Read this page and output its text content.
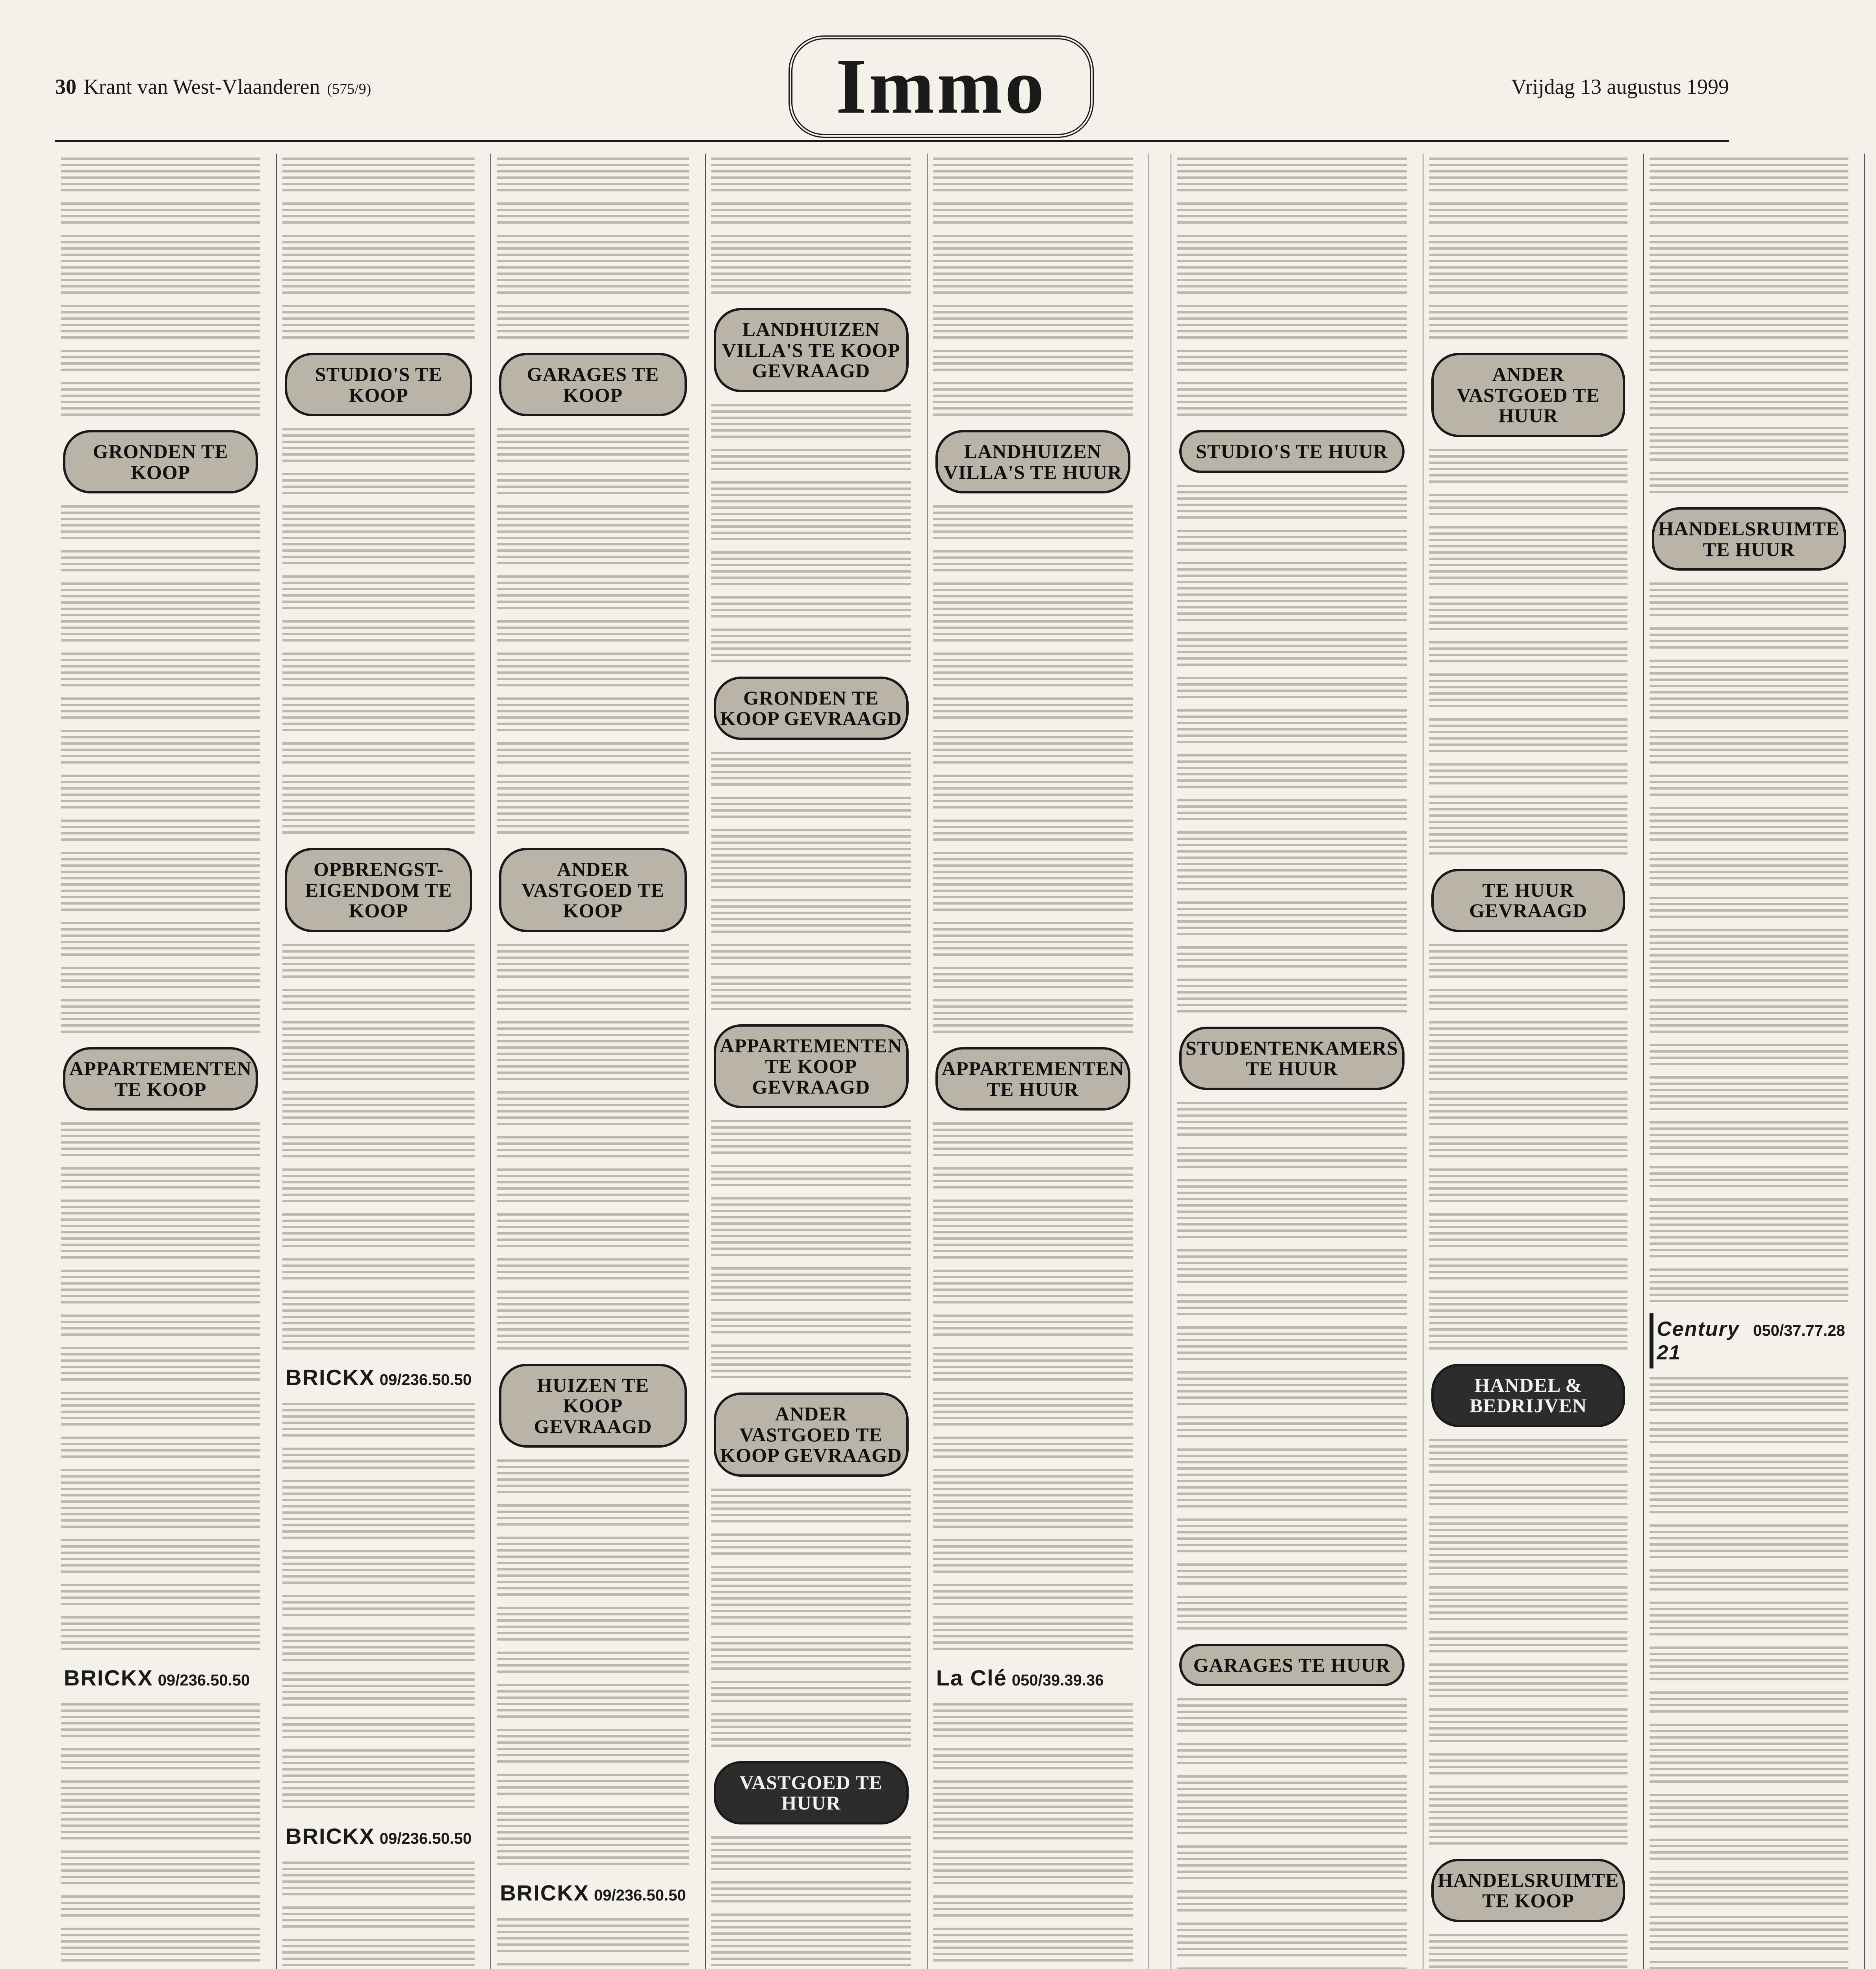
30 Krant van West-Vlaanderen (575/9)	Immo	Vrijdag 13 augustus 1999
GRONDEN TE KOOP
APPARTEMENTEN TE KOOP
BRICKX 09/236.50.50
STUDIO'S TE KOOP
OPBRENGST-EIGENDOM TE KOOP
BRICKX 09/236.50.50
BRICKX 09/236.50.50
GARAGES TE KOOP
ANDER VASTGOED TE KOOP
HUIZEN TE KOOP GEVRAAGD
BRICKX 09/236.50.50
LANDHUIZEN VILLA'S TE KOOP GEVRAAGD
GRONDEN TE KOOP GEVRAAGD
APPARTEMENTEN TE KOOP GEVRAAGD
ANDER VASTGOED TE KOOP GEVRAAGD
VASTGOED TE HUUR
LANDHUIZEN VILLA'S TE HUUR
APPARTEMENTEN TE HUUR
La Clé 050/39.39.36
STUDIO'S TE HUUR
STUDENTENKAMERS TE HUUR
GARAGES TE HUUR
ANDER VASTGOED TE HUUR
TE HUUR GEVRAAGD
HANDEL & BEDRIJVEN
HANDELSRUIMTE TE KOOP
HANDELSRUIMTE TE HUUR
Century 21
050/37.77.28
